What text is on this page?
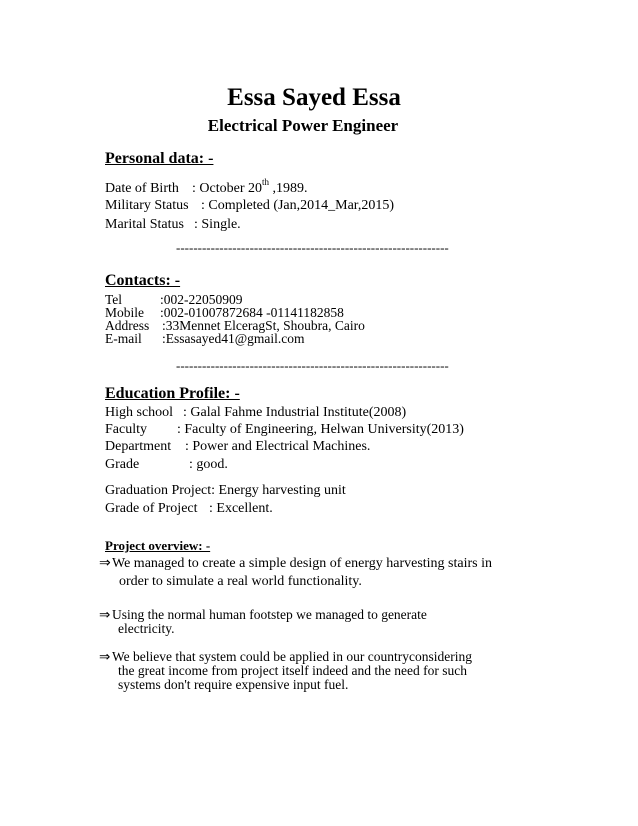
Essa Sayed Essa
Electrical Power Engineer
Personal data: -
Date of Birth : October 20th ,1989.
Military Status : Completed (Jan,2014_Mar,2015)
Marital Status : Single.
---------------------------------------------------------------
Contacts: -
Tel	:002-22050909
Mobile :002-01007872684 -01141182858
Address :33Mennet ElceragSt, Shoubra, Cairo
E-mail :Essasayed41@gmail.com
---------------------------------------------------------------
Education Profile: -
High school : Galal Fahme Industrial Institute(2008)
Faculty : Faculty of Engineering, Helwan University(2013)
Department : Power and Electrical Machines.
Grade	: good.
Graduation Project: Energy harvesting unit
Grade of Project : Excellent.
Project overview: -
⇒We managed to create a simple design of energy harvesting stairs in
order to simulate a real world functionality.
⇒ Using the normal human footstep we managed to generate
electricity.
⇒ We believe that system could be applied in our countryconsidering
the great income from project itself indeed and the need for such
systems don't require expensive input fuel.
